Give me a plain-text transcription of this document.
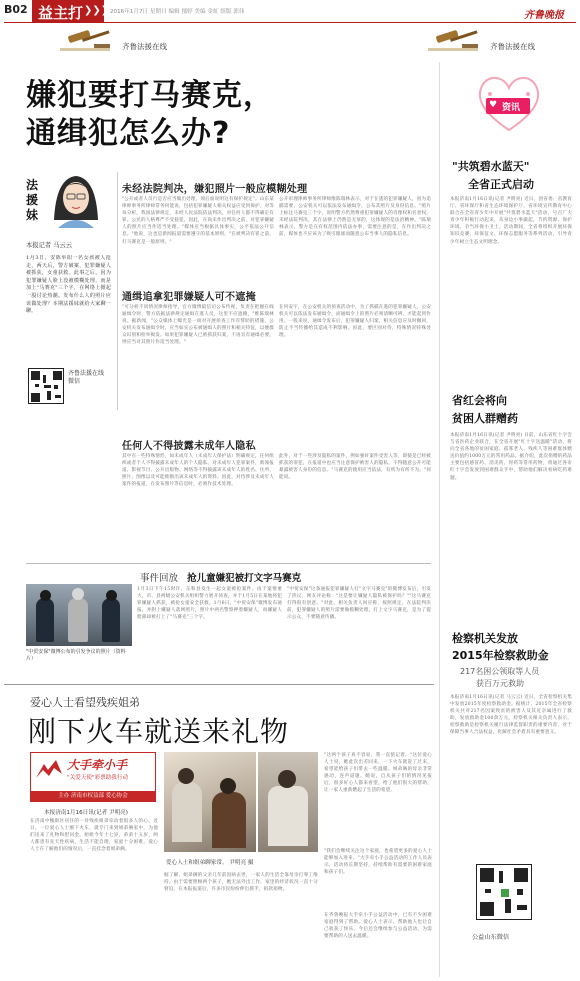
B02 益主打 ❯❯❯ 2016年1月7日 星期日 编辑 郁婷 美编 金虹 组版 郭伟	齐鲁晚报
齐鲁法援在线	齐鲁法援在线
嫌犯要打马赛克，
通缉犯怎么办?
法援妹
本报记者 马云云
1月3日，安陈举阳一名女孩被人抢走，两天后，警方破案，犯罪嫌疑人被抓获，女童获救。此事之后，因为犯罪嫌疑人脸上没被模糊处理，而是加上"马赛克"三个字，在网络上掀起一股讨论热潮。发布什么人的照片应该做处理？本期法援妹就给大家聊一聊。
齐鲁法援在线微信
未经法院判决，嫌犯照片一般应模糊处理
"公开或者人员行是否应当做出处理，须后面说明这有保护规定"。山东某律师事务所律师常务何能说，包括犯罪嫌疑人相关权益应受到保护。对等每分析，我国法律规定，未经人民法院依法判决，对任何人都不得确定有罪。公民的人格尊严不受侵犯，因此，在尚未作出判决之前，对犯罪嫌疑人的照片应当作适当处理。"媒体应当根据具体事实，公平依法公开信息。"他说，这也是新闻报道需要遵守的基本原则。"在被判决有罪之前，打马赛克是一般原则。"
公开审理律师事务所律师维陈瑞林表示，对于在逃的犯罪嫌疑人，因为追捕需要，公安机关可以依法发布通缉令，公布其照片及身份信息。"照片上标注马赛克三个字，说明警方仍然尊重犯罪嫌疑人的肖像权和名誉权，未经法院判决，其在法律上仍然是无罪的，这体现的是法治精神。"陈瑞林表示，警方是在有权范围内依法办事，需要注意的是，在作出判决之前，媒体也不应该为了吸引眼球而随意公布当事人的隐私信息。
通缉追拿犯罪嫌疑人可不遮掩
"可分析不同情况律师指导，官方微博最信司公布传视，负责在把握在线通缉令时，警方依据法律规定通缉在逃人员，这里不应遮掩，"维陈瑞林说。据新闻，"公众媒体上曝光是一项对开展侦查工作有帮助的措施，公安机关发布通缉令时，应当如实公布被通缉人的照片和相关特征，以便群众识别和检举揭发。如果犯罪嫌疑人已被抓获归案，不再具有通缉必要，则应当对其照片作适当处理。"
在何安宇，在公安机关的侦查活动中，为了抓捕在逃的犯罪嫌疑人，公安机关可以依法发布通缉令，而通缉令上的照片必须清晰可辨，才能起到作用。一般来说，通缉令发布后，犯罪嫌疑人归案，相关信息应及时撤回，防止不当传播给其造成不利影响。因此，要区别对待，特殊情况特殊处理。
任何人不得披露未成年人隐私
其中有一些特殊情形，如未成年人（未成年人保护法）明确规定，任何组织或者个人不得披露未成年人的个人隐私。对未成年人犯罪案件，新闻报道、影视节目、公开出版物、网络等不得披露该未成年人的姓名、住所、照片、图像以及可能推断出该未成年人的资料。因此，对待涉及未成年人案件的报道，在发布照片等信息时，必须作技术处理。
此外，对于一些涉及隐私的案件，例如强奸案件受害人等，即使是已经被抓获的罪犯，在报道中也应当注意保护被害人的隐私，不得随意公开可能暴露被害人身份的信息。"马赛克的使用应当依法，有所为有所不为。"何能说。
事件回放 抢儿童嫌犯被打文字马赛克
"中贸安保"微博公布的引发争议的照片（资料片）
1月3日下午15时许，东和县发生一起女童被抢案件。由于案情重大，市、县两级公安机关组织警力展开侦查，并于1月5日在某地将犯罪嫌疑人抓获，被抢女童安全获救。1月6日，"中贸安保"微博发布通报，并附上嫌疑人落网照片，照片中两名警察押着嫌疑人，而嫌疑人脸部却被打上了"马赛克"三个字。
"中贸安保"这条通报犯罪嫌疑人打"文字马赛克"的微博发布后，引发了热议。网友评论称："这是要让嫌疑人隐私被保护吗？""这马赛克打得很有创意。"对此，相关负责人回应称，按照规定，在法院判决前，犯罪嫌疑人的照片需要做模糊处理，打上文字马赛克，是为了提示公众，不要随意传播。
爱心人士看望残疾姐弟
刚下火车就送来礼物
大手牵小手
"关爱天使"彩票助我行动
主办 济南市权益部 爱心协会
本报济南1月16日讯(记者 尹明亮)
在济南中槐街区居住的一对残疾姐弟牵动着很多人的心。近日，一位爱心人士刚下火车，就专门来到姐弟俩家中，为他们送来了礼物和慰问金。姐姐今年十七岁，弟弟十五岁，两人都患有先天性疾病，生活不能自理，家庭十分困难。爱心人士在了解他们的情况后，一直挂念着姐弟俩。
爱心人士和姐弟聊家常。 尹明亮 摄
据了解，姐弟俩的父亲几年前因病去世，一家人的生活全靠母亲打零工维持。由于需要照顾两个孩子，她无法外出工作，家里的经济状况一直十分窘迫。在本报报道后，许多市民纷纷伸出援手，捐款捐物。
"这两个孩子真不容易，我一直惦记着。"这位爱心人士说，她此次出差回来，一下火车就赶了过来，希望能给孩子们带去一些温暖。姐弟俩的母亲非常感动，连声道谢。她说，自从孩子们的情况见报后，很多好心人都来看望，给了他们很大的帮助，让一家人重新燃起了生活的希望。
"我们会继续关注这个家庭，也希望更多的爱心人士能够加入进来。"大手牵小手公益活动的工作人员表示，活动将长期坚持，持续帮助有需要的困难家庭和孩子们。
在齐鲁晚报大手牵小手公益活动中，已有不少困难家庭得到了帮助。爱心人士表示，帮助他人也让自己收获了快乐，今后还会继续参与公益活动，为需要帮助的人送去温暖。
♥ 资讯
"共筑碧水蓝天"
全省正式启动
本报济南1月16日讯(记者 尹明亮) 近日，团省委、省教育厅、省环保厅和省生态环境保护厅，省环境宣传教育中心联合在全省青少年中开展"共筑碧水蓝天"活动，号召广大青少年积极行动起来，从身边小事做起，节约资源、保护环境，争当环保小卫士。活动期间，全省将组织开展环保知识竞赛、环保征文、环保志愿服务等系列活动，引导青少年树立生态文明理念。
省红会将向
贫困人群赠药
本报济南1月16日讯(记者 尹明亮) 日前，山东省红十字会与省医药企业联合，在全省开展"红十字送温暖"活动，将向全省各地的贫困家庭、孤寡老人、残疾人等困难群体赠送价值约1000万元的常用药品。据介绍，此次捐赠的药品主要包括感冒药、消炎药、胃药等常用药物，将通过各市红十字会发放到困难群众手中，帮助他们解决看病吃药难题。
检察机关发放
2015年检察救助金
217名困公领取等人员
获百万元救助
本报济南1月16日讯(记者 马云云) 近日，全省检察机关集中发放2015年度检察救助金。据统计，2015年全省检察机关共对217名因案致贫的被害人及其近亲属进行了救助，发放救助金100余万元。检察机关相关负责人表示，检察救助是检察机关履行法律监督职责的重要内容，对于保障当事人合法权益、化解社会矛盾具有重要意义。
公益山东微信
